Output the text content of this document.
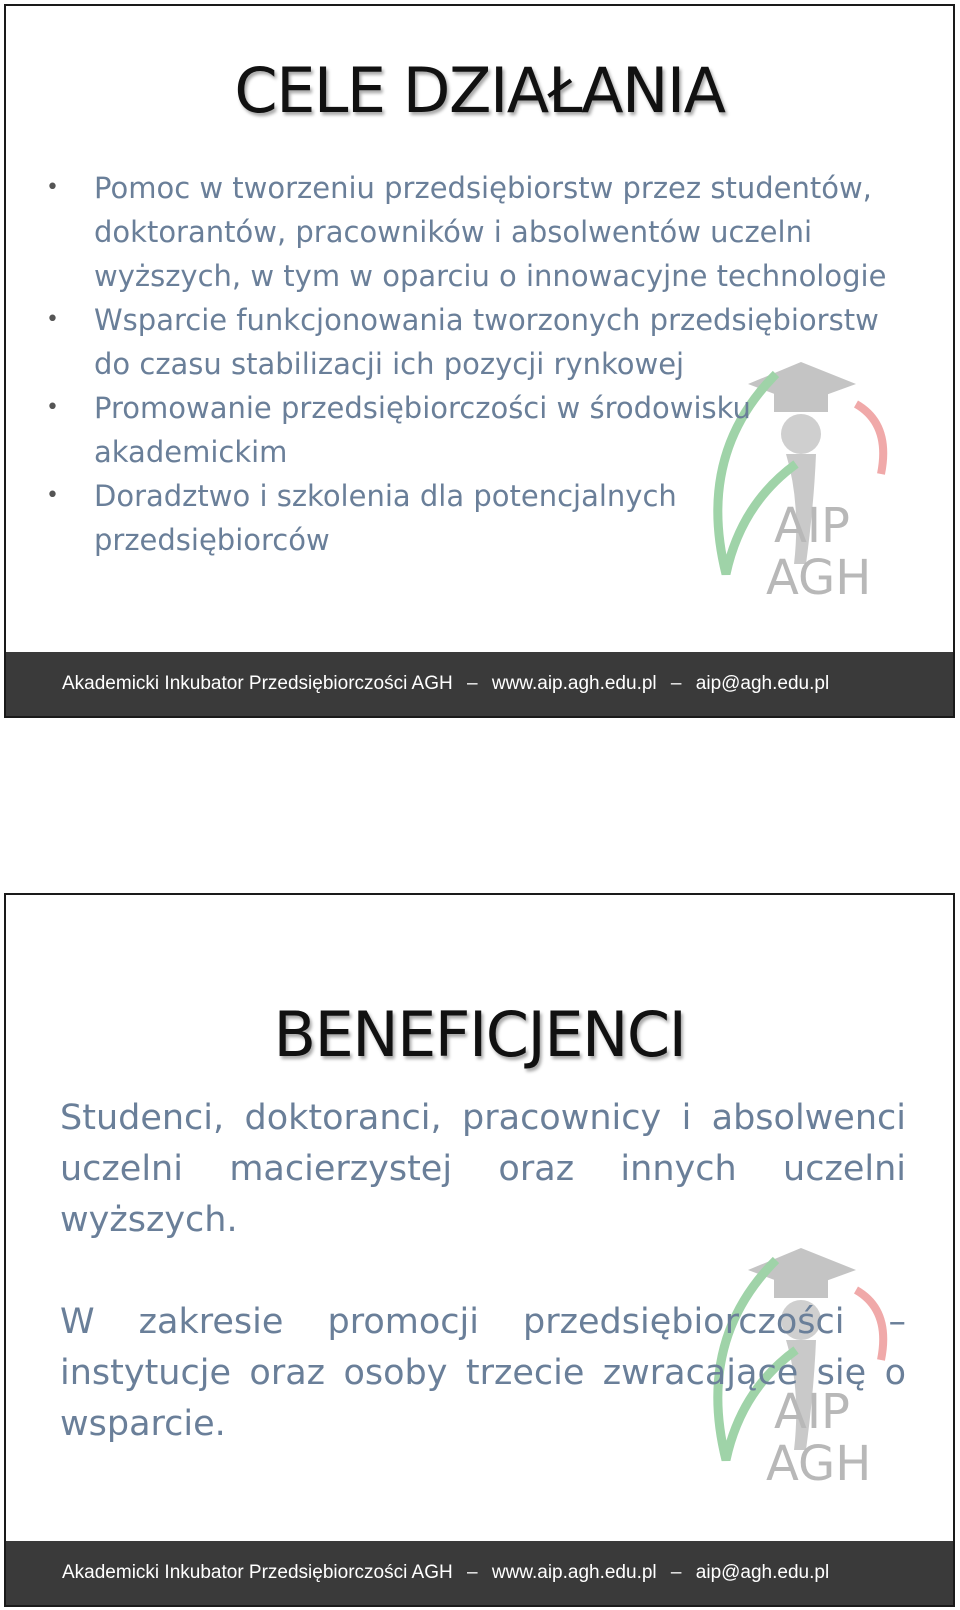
CELE DZIAŁANIA
AIP
AGH
• Pomoc w tworzeniu przedsiębiorstw przez studentów, doktorantów, pracowników i absolwentów uczelni wyższych, w tym w oparciu o innowacyjne technologie
• Wsparcie funkcjonowania tworzonych przedsiębiorstw do czasu stabilizacji ich pozycji rynkowej
• Promowanie przedsiębiorczości w środowisku akademickim
• Doradztwo i szkolenia dla potencjalnych przedsiębiorców
Akademicki Inkubator Przedsiębiorczości AGH – www.aip.agh.edu.pl – aip@agh.edu.pl
BENEFICJENCI
AIP
AGH

Studenci, doktoranci, pracownicy i absolwenci uczelni macierzystej oraz innych uczelni wyższych.

W zakresie promocji przedsiębiorczości – instytucje oraz osoby trzecie zwracające się o wsparcie.

Akademicki Inkubator Przedsiębiorczości AGH – www.aip.agh.edu.pl – aip@agh.edu.pl
